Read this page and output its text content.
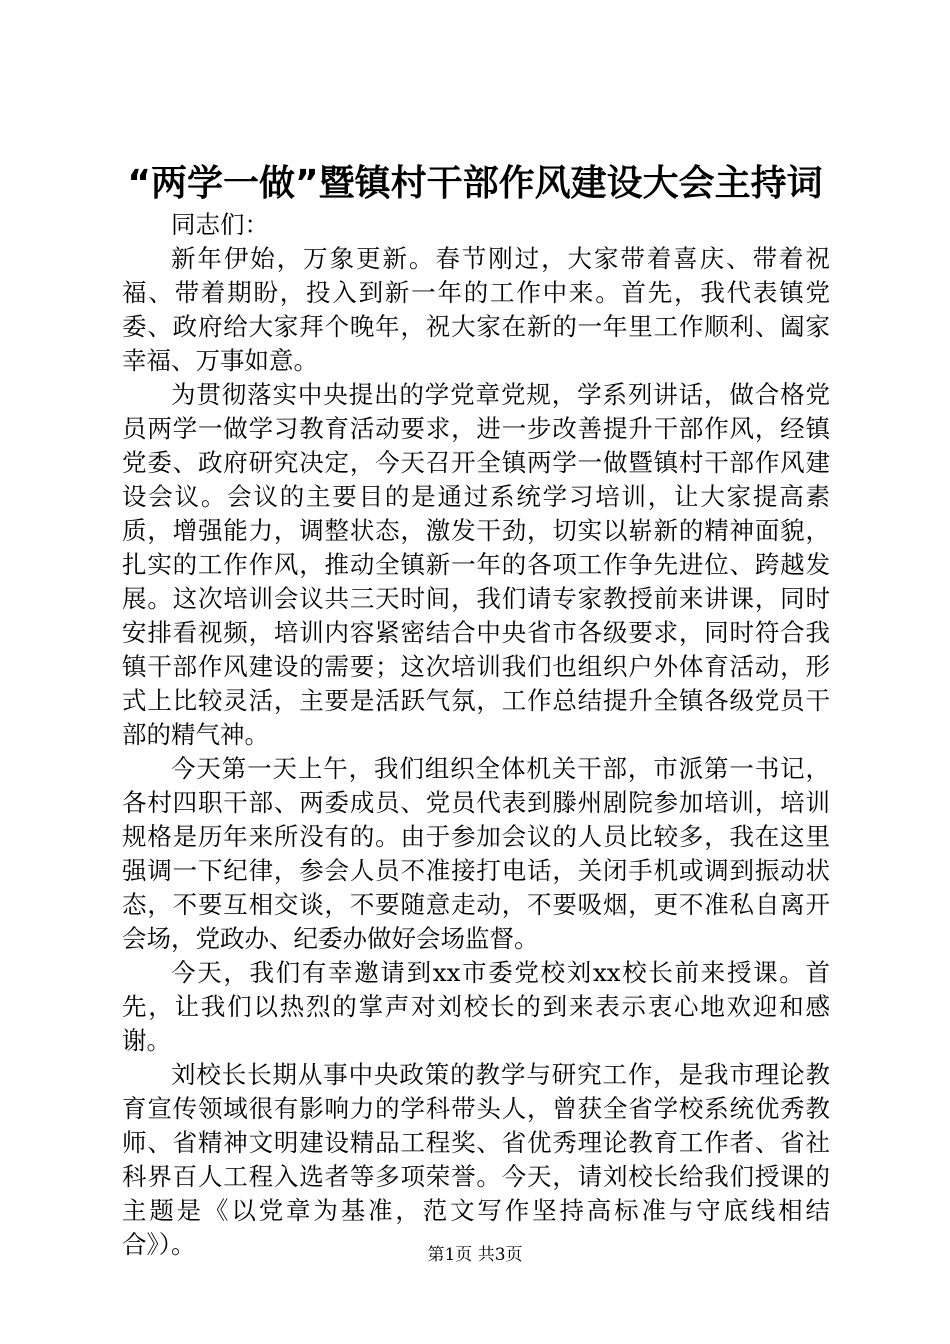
“两学一做”暨镇村干部作风建设大会主持词

同志们：

新年伊始，万象更新。春节刚过，大家带着喜庆、带着祝福、带着期盼，投入到新一年的工作中来。首先，我代表镇党委、政府给大家拜个晚年，祝大家在新的一年里工作顺利、阖家幸福、万事如意。

为贯彻落实中央提出的学党章党规，学系列讲话，做合格党员两学一做学习教育活动要求，进一步改善提升干部作风，经镇党委、政府研究决定，今天召开全镇两学一做暨镇村干部作风建设会议。会议的主要目的是通过系统学习培训，让大家提高素质，增强能力，调整状态，激发干劲，切实以崭新的精神面貌，扎实的工作作风，推动全镇新一年的各项工作争先进位、跨越发展。这次培训会议共三天时间，我们请专家教授前来讲课，同时安排看视频，培训内容紧密结合中央省市各级要求，同时符合我镇干部作风建设的需要；这次培训我们也组织户外体育活动，形式上比较灵活，主要是活跃气氛，工作总结提升全镇各级党员干部的精气神。

今天第一天上午，我们组织全体机关干部，市派第一书记，各村四职干部、两委成员、党员代表到滕州剧院参加培训，培训规格是历年来所没有的。由于参加会议的人员比较多，我在这里强调一下纪律，参会人员不准接打电话，关闭手机或调到振动状态，不要互相交谈，不要随意走动，不要吸烟，更不准私自离开会场，党政办、纪委办做好会场监督。

今天，我们有幸邀请到xx市委党校刘xx校长前来授课。首先，让我们以热烈的掌声对刘校长的到来表示衷心地欢迎和感谢。

刘校长长期从事中央政策的教学与研究工作，是我市理论教育宣传领域很有影响力的学科带头人，曾获全省学校系统优秀教师、省精神文明建设精品工程奖、省优秀理论教育工作者、省社科界百人工程入选者等多项荣誉。今天，请刘校长给我们授课的主题是《以党章为基准，范文写作坚持高标准与守底线相结合》）。	第1页 共3页
